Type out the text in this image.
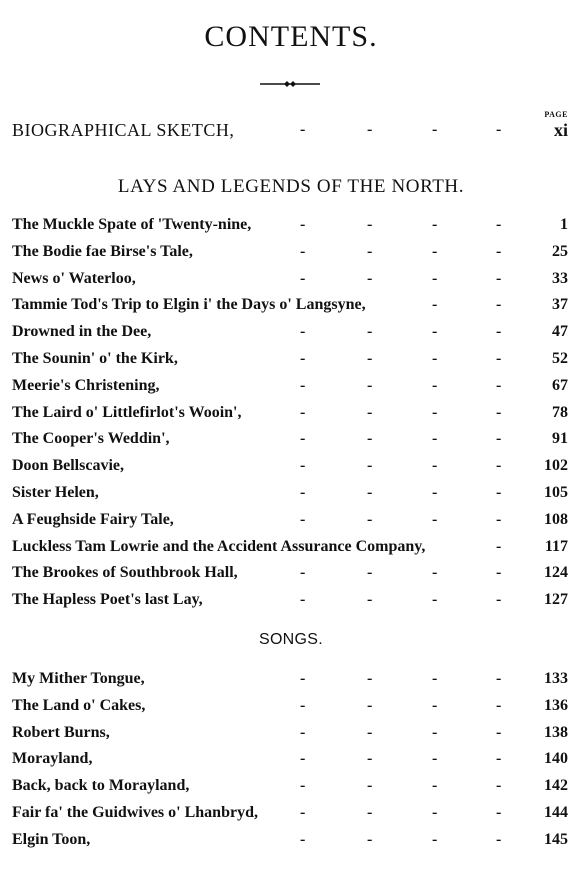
CONTENTS.
PAGE
BIOGRAPHICAL SKETCH,	xi
-	-	-	-
LAYS AND LEGENDS OF THE NORTH.
The Muckle Spate of 'Twenty-nine,	1
-	-	-	-
The Bodie fae Birse's Tale,	25
-	-	-	-
News o' Waterloo,	33
-	-	-	-
Tammie Tod's Trip to Elgin i' the Days o' Langsyne,	37
-	-
Drowned in the Dee,	47
-	-	-	-
The Sounin' o' the Kirk,	52
-	-	-	-
Meerie's Christening,	67
-	-	-	-
The Laird o' Littlefirlot's Wooin',	78
-	-	-	-
The Cooper's Weddin',	91
-	-	-	-
Doon Bellscavie,	102
-	-	-	-
Sister Helen,	105
-	-	-	-
A Feughside Fairy Tale,	108
-	-	-	-
Luckless Tam Lowrie and the Accident Assurance Company,	117
-
The Brookes of Southbrook Hall,	124
-	-	-	-
The Hapless Poet's last Lay,	127
-	-	-	-
SONGS.
My Mither Tongue,	133
-	-	-	-
The Land o' Cakes,	136
-	-	-	-
Robert Burns,	138
-	-	-	-
Morayland,	140
-	-	-	-
Back, back to Morayland,	142
-	-	-	-
Fair fa' the Guidwives o' Lhanbryd,	144
-	-	-	-
Elgin Toon,	145
-	-	-	-
